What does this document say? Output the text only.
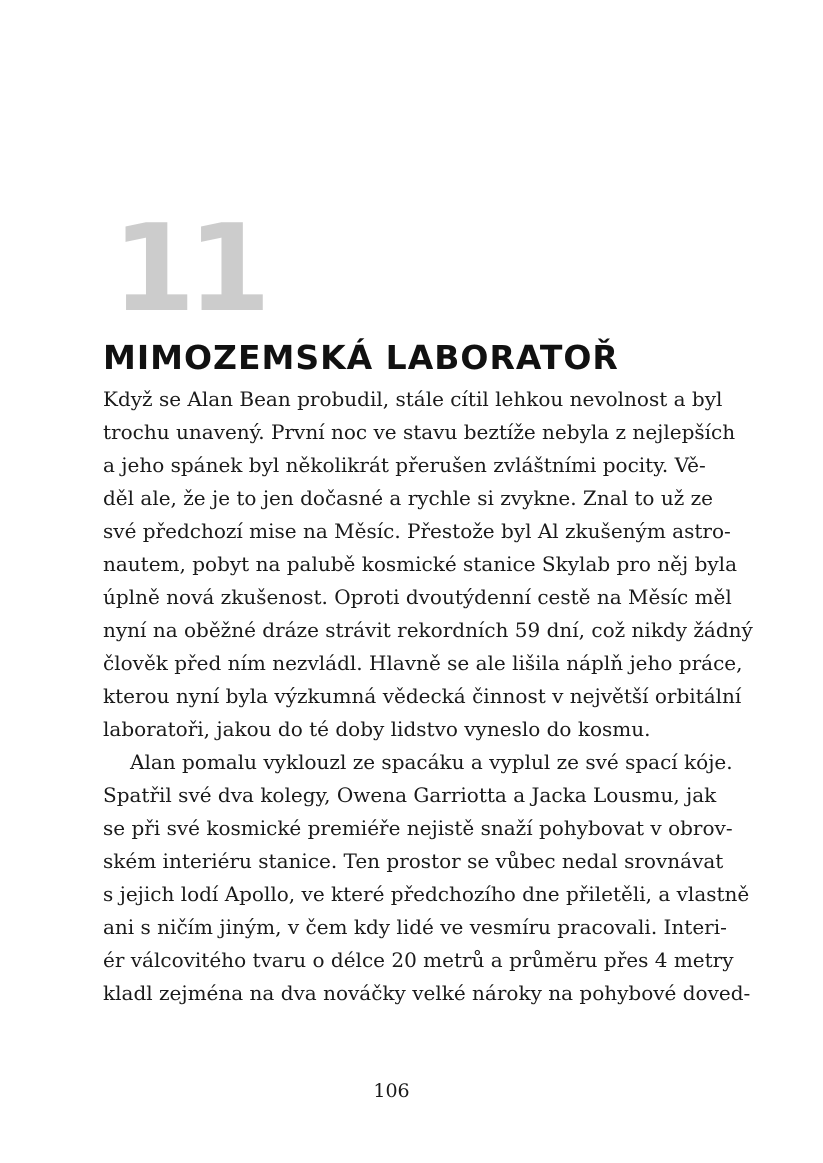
11
MIMOZEMSKÁ LABORATOŘ
Když se Alan Bean probudil, stále cítil lehkou nevolnost a byl
trochu unavený. První noc ve stavu beztíže nebyla z nejlepších
a jeho spánek byl několikrát přerušen zvláštními pocity. Vě-
děl ale, že je to jen dočasné a rychle si zvykne. Znal to už ze
své předchozí mise na Měsíc. Přestože byl Al zkušeným astro-
nautem, pobyt na palubě kosmické stanice Skylab pro něj byla
úplně nová zkušenost. Oproti dvoutýdenní cestě na Měsíc měl
nyní na oběžné dráze strávit rekordních 59 dní, což nikdy žádný
člověk před ním nezvládl. Hlavně se ale lišila náplň jeho práce,
kterou nyní byla výzkumná vědecká činnost v největší orbitální
laboratoři, jakou do té doby lidstvo vyneslo do kosmu.
Alan pomalu vyklouzl ze spacáku a vyplul ze své spací kóje.
Spatřil své dva kolegy, Owena Garriotta a Jacka Lousmu, jak
se při své kosmické premiéře nejistě snaží pohybovat v obrov-
ském interiéru stanice. Ten prostor se vůbec nedal srovnávat
s jejich lodí Apollo, ve které předchozího dne přiletěli, a vlastně
ani s ničím jiným, v čem kdy lidé ve vesmíru pracovali. Interi-
ér válcovitého tvaru o délce 20 metrů a průměru přes 4 metry
kladl zejména na dva nováčky velké nároky na pohybové doved-
106
